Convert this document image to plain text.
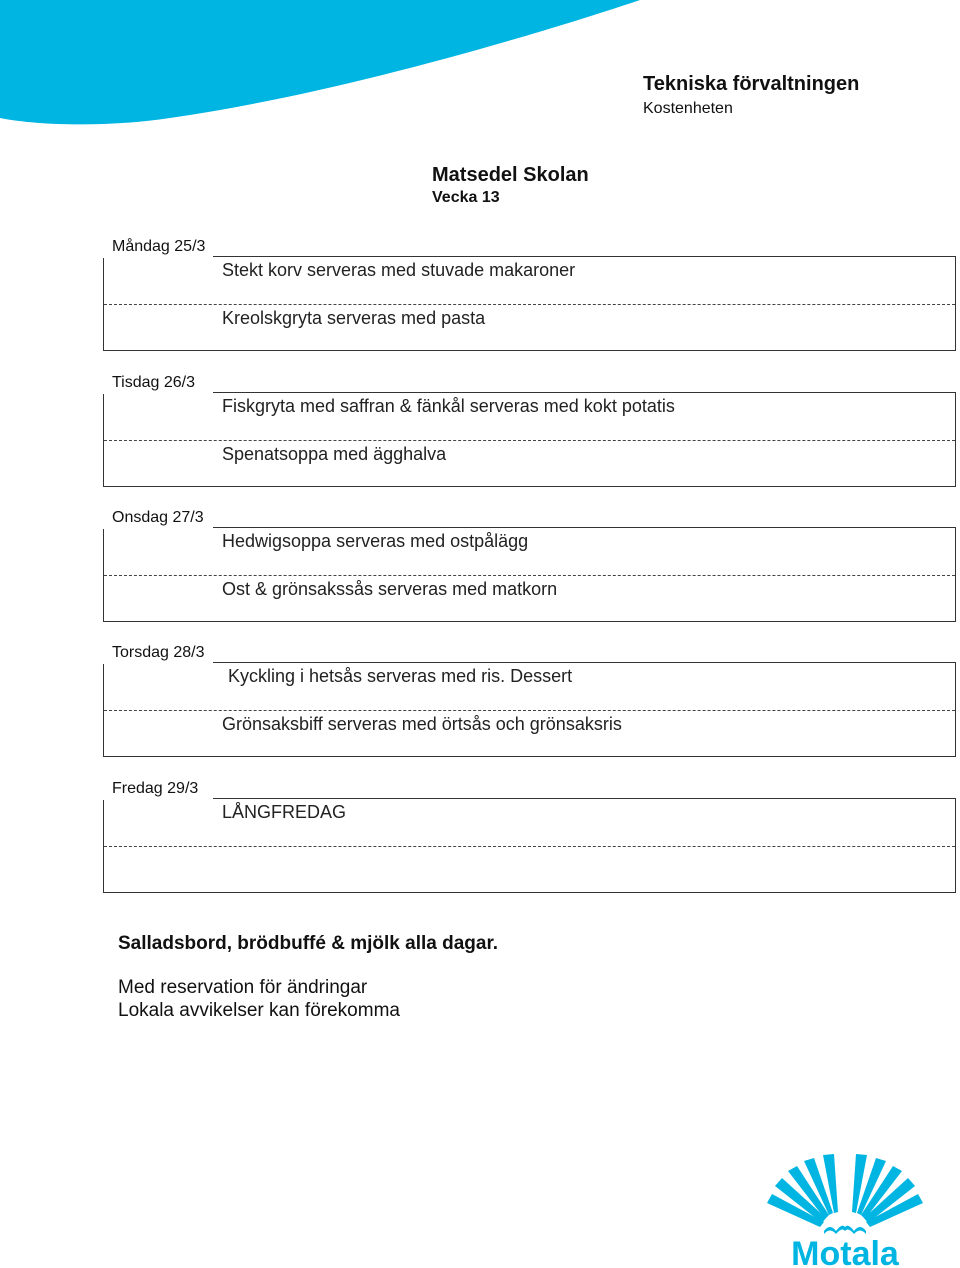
Tekniska förvaltningen
Kostenheten
Matsedel Skolan
Vecka 13
Måndag 25/3
Stekt korv serveras med stuvade makaroner
Kreolskgryta serveras med pasta
Tisdag 26/3
Fiskgryta med saffran & fänkål serveras med kokt potatis
Spenatsoppa med ägghalva
Onsdag 27/3
Hedwigsoppa serveras med ostpålägg
Ost & grönsakssås serveras med matkorn
Torsdag 28/3
Kyckling i hetsås serveras med ris. Dessert
Grönsaksbiff serveras med örtsås och grönsaksris
Fredag 29/3
LÅNGFREDAG
Salladsbord, brödbuffé & mjölk alla dagar.
Med reservation för ändringar
Lokala avvikelser kan förekomma
Motala
